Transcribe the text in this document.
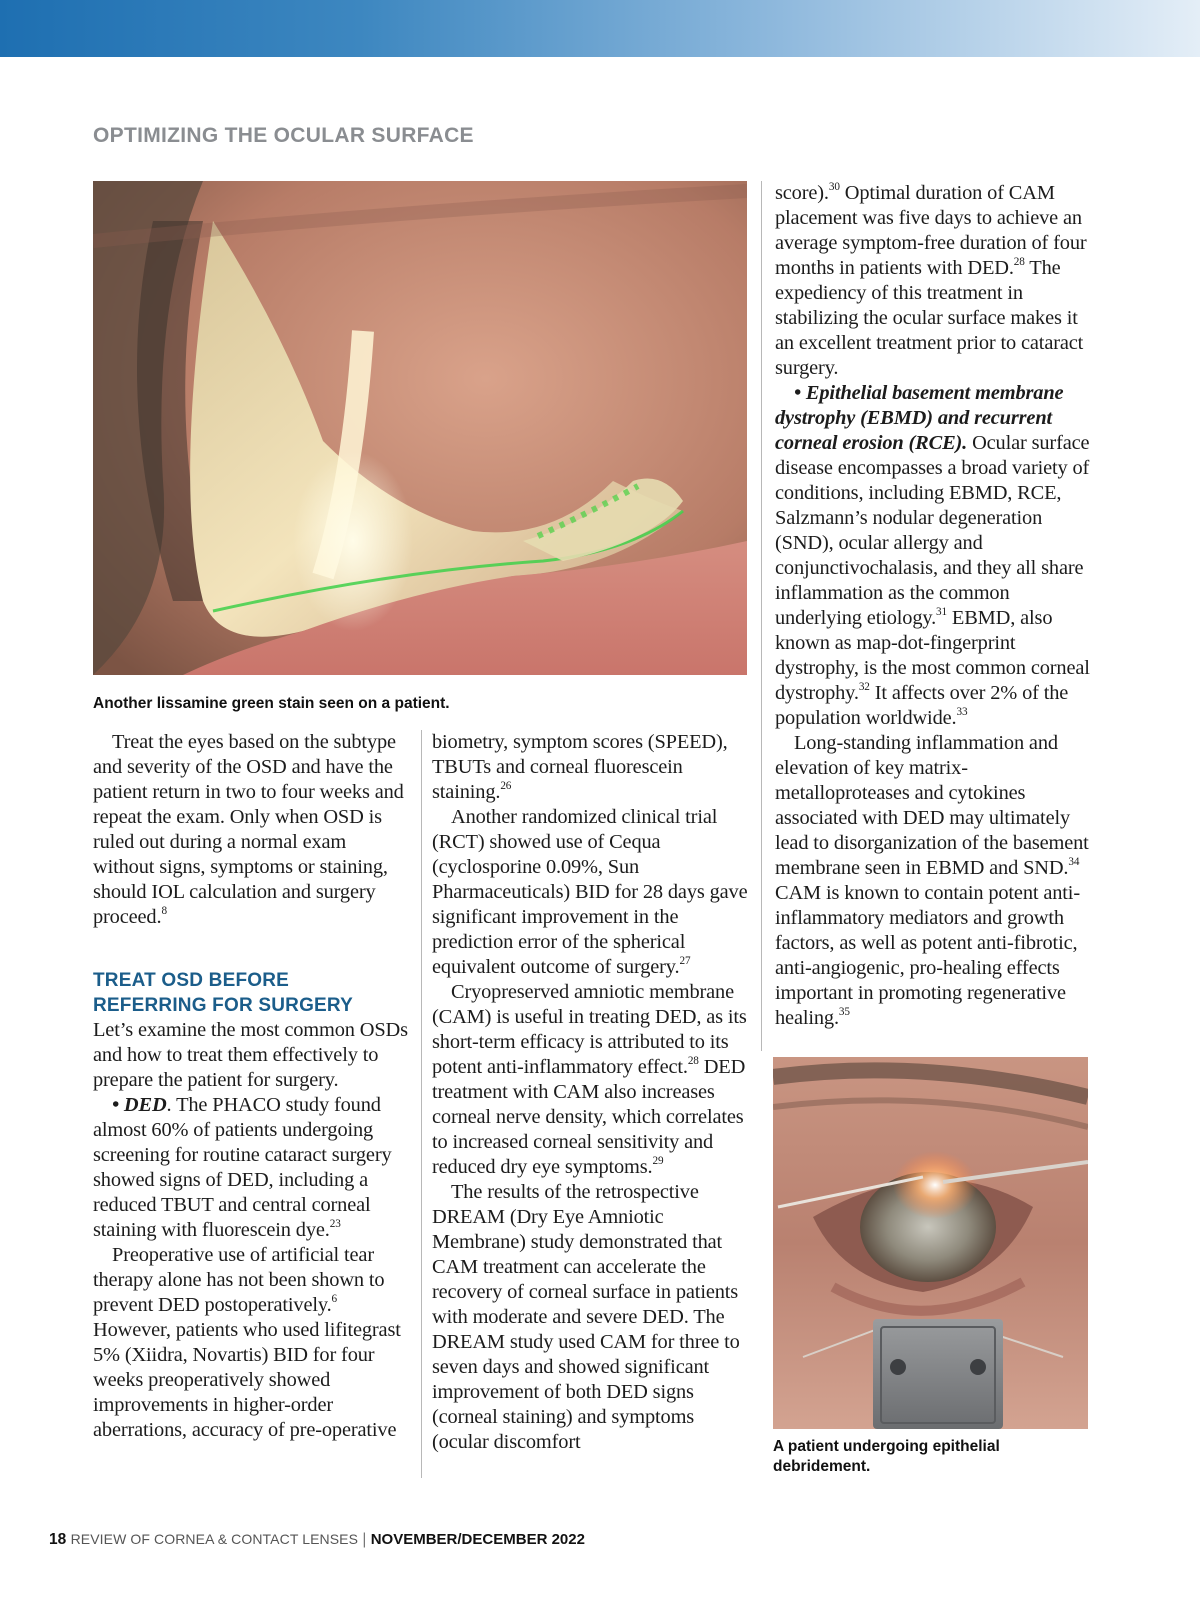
OPTIMIZING THE OCULAR SURFACE

Another lissamine green stain seen on a patient.

Treat the eyes based on the subtype and severity of the OSD and have the patient return in two to four weeks and repeat the exam. Only when OSD is ruled out during a normal exam without signs, symptoms or staining, should IOL calculation and surgery proceed.$^8$

TREAT OSD BEFORE
REFERRING FOR SURGERY

Let’s examine the most common OSDs and how to treat them effectively to prepare the patient for surgery.

• DED. The PHACO study found almost 60% of patients undergoing screening for routine cataract surgery showed signs of DED, including a reduced TBUT and central corneal staining with fluorescein dye.$^{23}$

Preoperative use of artificial tear therapy alone has not been shown to prevent DED postoperatively.$^6$ However, patients who used lifitegrast 5% (Xiidra, Novartis) BID for four weeks preoperatively showed improvements in higher-order aberrations, accuracy of pre-operative

biometry, symptom scores (SPEED), TBUTs and corneal fluorescein staining.$^{26}$

Another randomized clinical trial (RCT) showed use of Cequa (cyclosporine 0.09%, Sun Pharmaceuticals) BID for 28 days gave significant improvement in the prediction error of the spherical equivalent outcome of surgery.$^{27}$

Cryopreserved amniotic membrane (CAM) is useful in treating DED, as its short-term efficacy is attributed to its potent anti-inflammatory effect.$^{28}$ DED treatment with CAM also increases corneal nerve density, which correlates to increased corneal sensitivity and reduced dry eye symptoms.$^{29}$

The results of the retrospective DREAM (Dry Eye Amniotic Membrane) study demonstrated that CAM treatment can accelerate the recovery of corneal surface in patients with moderate and severe DED. The DREAM study used CAM for three to seven days and showed significant improvement of both DED signs (corneal staining) and symptoms (ocular discomfort

score).$^{30}$ Optimal duration of CAM placement was five days to achieve an average symptom-free duration of four months in patients with DED.$^{28}$ The expediency of this treatment in stabilizing the ocular surface makes it an excellent treatment prior to cataract surgery.

• Epithelial basement membrane dystrophy (EBMD) and recurrent corneal erosion (RCE). Ocular surface disease encompasses a broad variety of conditions, including EBMD, RCE, Salzmann’s nodular degeneration (SND), ocular allergy and conjunctivochalasis, and they all share inflammation as the common underlying etiology.$^{31}$ EBMD, also known as map-dot-fingerprint dystrophy, is the most common corneal dystrophy.$^{32}$ It affects over 2% of the population worldwide.$^{33}$

Long-standing inflammation and elevation of key matrix-metalloproteases and cytokines associated with DED may ultimately lead to disorganization of the basement membrane seen in EBMD and SND.$^{34}$ CAM is known to contain potent anti-inflammatory mediators and growth factors, as well as potent anti-fibrotic, anti-angiogenic, pro-healing effects important in promoting regenerative healing.$^{35}$

A patient undergoing epithelial debridement.

18 REVIEW OF CORNEA & CONTACT LENSES | NOVEMBER/DECEMBER 2022
